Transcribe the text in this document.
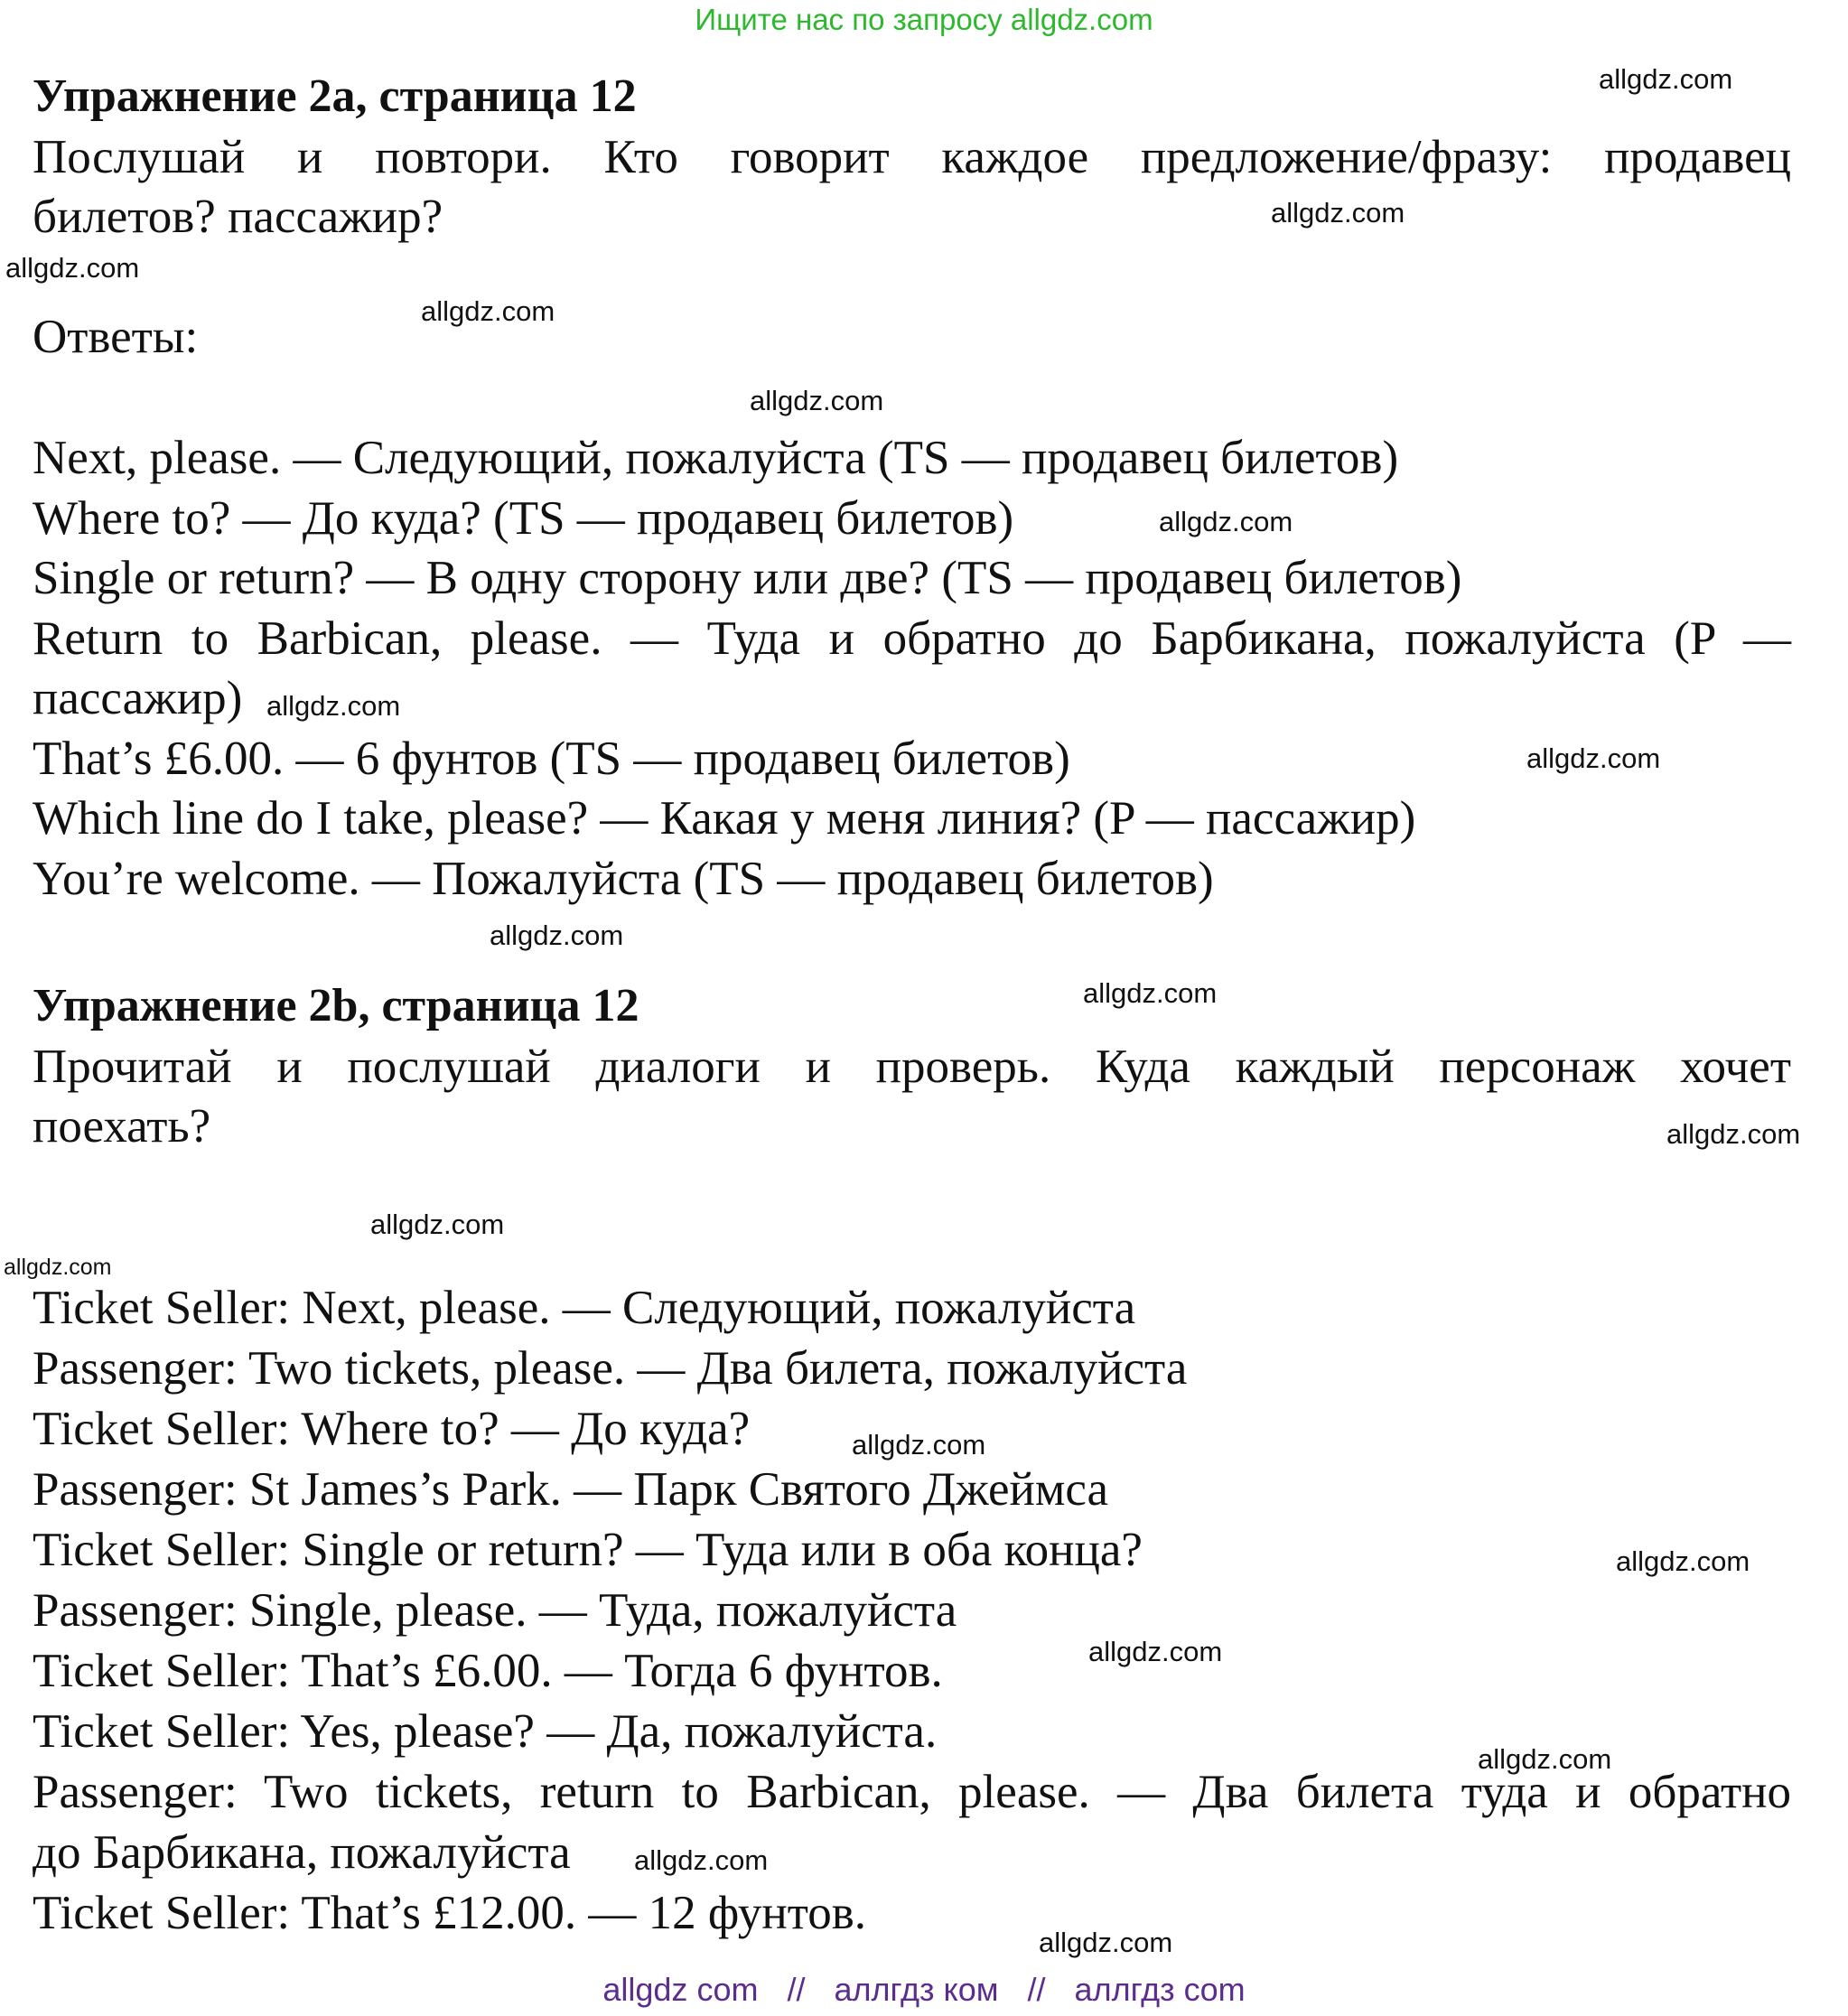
Ищите нас по запросу allgdz.com
Упражнение 2a, страница 12
Послушай и повтори. Кто говорит каждое предложение/фразу: продавец
билетов? пассажир?
Ответы:
Next, please. — Следующий, пожалуйста (TS — продавец билетов)
Where to? — До куда? (TS — продавец билетов)
Single or return? — В одну сторону или две? (TS — продавец билетов)
Return to Barbican, please. — Туда и обратно до Барбикана, пожалуйста (P —
пассажир)
That’s £6.00. — 6 фунтов (TS — продавец билетов)
Which line do I take, please? — Какая у меня линия? (P — пассажир)
You’re welcome. — Пожалуйста (TS — продавец билетов)
Упражнение 2b, страница 12
Прочитай и послушай диалоги и проверь. Куда каждый персонаж хочет
поехать?
Ticket Seller: Next, please. — Следующий, пожалуйста
Passenger: Two tickets, please. — Два билета, пожалуйста
Ticket Seller: Where to? — До куда?
Passenger: St James’s Park. — Парк Святого Джеймса
Ticket Seller: Single or return? — Туда или в оба конца?
Passenger: Single, please. — Туда, пожалуйста
Ticket Seller: That’s £6.00. — Тогда 6 фунтов.
Ticket Seller: Yes, please? — Да, пожалуйста.
Passenger: Two tickets, return to Barbican, please. — Два билета туда и обратно
до Барбикана, пожалуйста
Ticket Seller: That’s £12.00. — 12 фунтов.
allgdz.com
allgdz.com
allgdz.com
allgdz.com
allgdz.com
allgdz.com
allgdz.com
allgdz.com
allgdz.com
allgdz.com
allgdz.com
allgdz.com
allgdz.com
allgdz.com
allgdz.com
allgdz.com
allgdz.com
allgdz.com
allgdz.com
allgdz com // аллгдз ком // аллгдз com
